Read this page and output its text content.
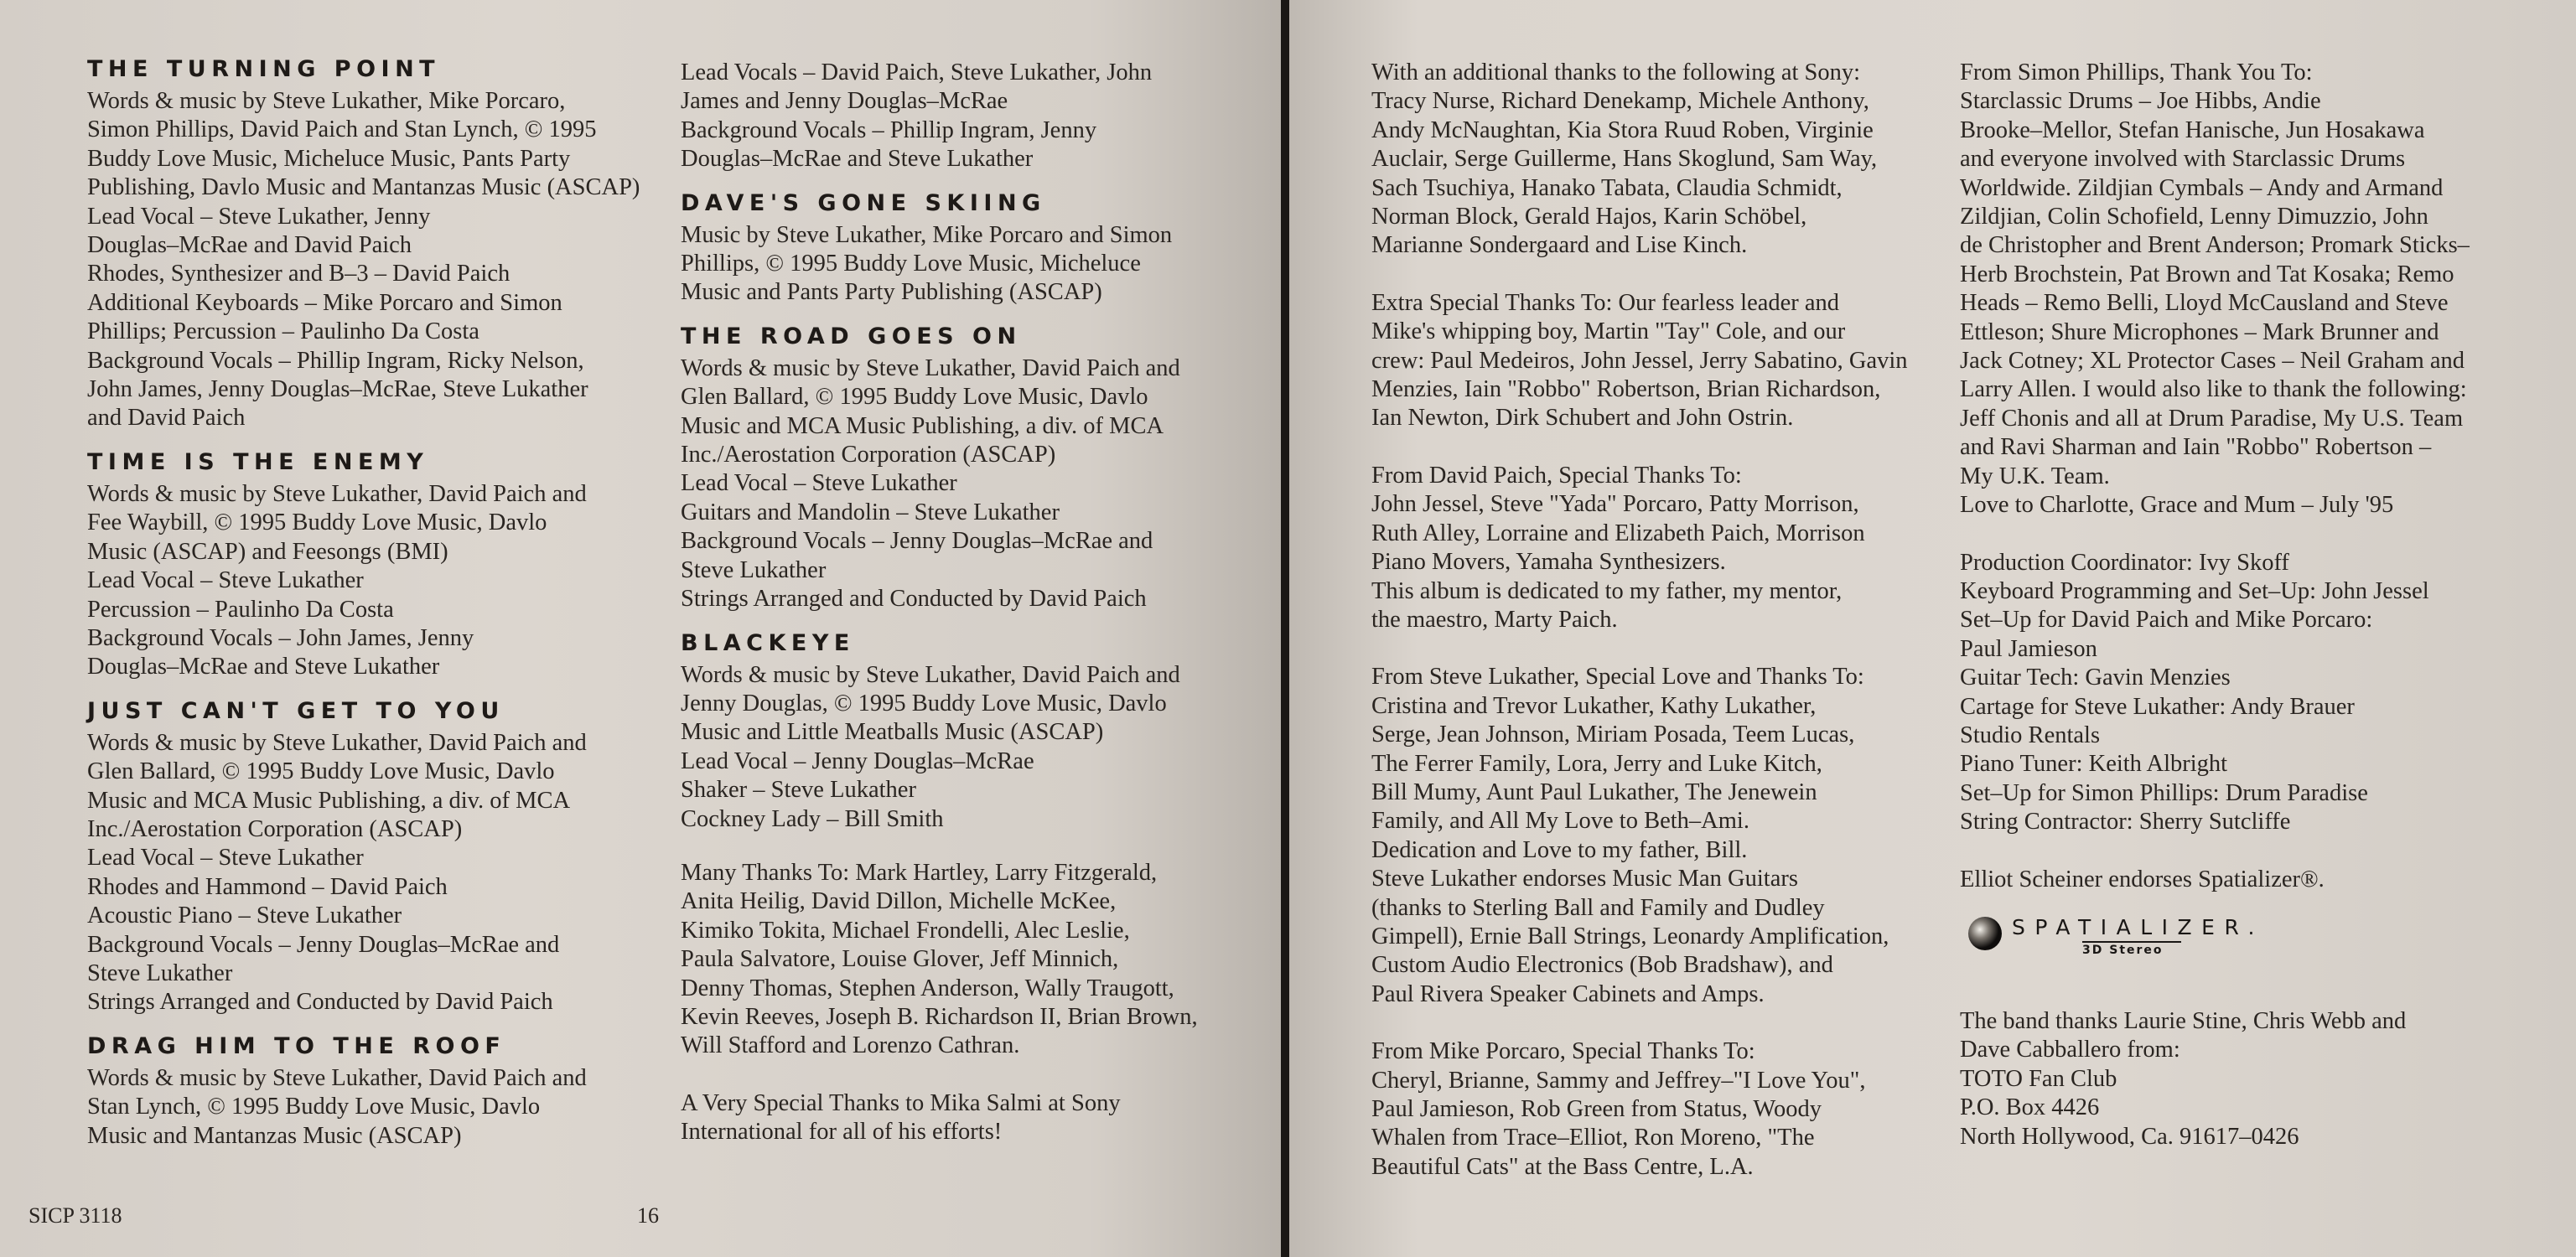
THE TURNING POINT
Words & music by Steve Lukather, Mike Porcaro,
Simon Phillips, David Paich and Stan Lynch, © 1995
Buddy Love Music, Micheluce Music, Pants Party
Publishing, Davlo Music and Mantanzas Music (ASCAP)
Lead Vocal – Steve Lukather, Jenny
Douglas–McRae and David Paich
Rhodes, Synthesizer and B–3 – David Paich
Additional Keyboards – Mike Porcaro and Simon
Phillips; Percussion – Paulinho Da Costa
Background Vocals – Phillip Ingram, Ricky Nelson,
John James, Jenny Douglas–McRae, Steve Lukather
and David Paich
TIME IS THE ENEMY
Words & music by Steve Lukather, David Paich and
Fee Waybill, © 1995 Buddy Love Music, Davlo
Music (ASCAP) and Feesongs (BMI)
Lead Vocal – Steve Lukather
Percussion – Paulinho Da Costa
Background Vocals – John James, Jenny
Douglas–McRae and Steve Lukather
JUST CAN'T GET TO YOU
Words & music by Steve Lukather, David Paich and
Glen Ballard, © 1995 Buddy Love Music, Davlo
Music and MCA Music Publishing, a div. of MCA
Inc./Aerostation Corporation (ASCAP)
Lead Vocal – Steve Lukather
Rhodes and Hammond – David Paich
Acoustic Piano – Steve Lukather
Background Vocals – Jenny Douglas–McRae and
Steve Lukather
Strings Arranged and Conducted by David Paich
DRAG HIM TO THE ROOF
Words & music by Steve Lukather, David Paich and
Stan Lynch, © 1995 Buddy Love Music, Davlo
Music and Mantanzas Music (ASCAP)
Lead Vocals – David Paich, Steve Lukather, John
James and Jenny Douglas–McRae
Background Vocals – Phillip Ingram, Jenny
Douglas–McRae and Steve Lukather
DAVE'S GONE SKIING
Music by Steve Lukather, Mike Porcaro and Simon
Phillips, © 1995 Buddy Love Music, Micheluce
Music and Pants Party Publishing (ASCAP)
THE ROAD GOES ON
Words & music by Steve Lukather, David Paich and
Glen Ballard, © 1995 Buddy Love Music, Davlo
Music and MCA Music Publishing, a div. of MCA
Inc./Aerostation Corporation (ASCAP)
Lead Vocal – Steve Lukather
Guitars and Mandolin – Steve Lukather
Background Vocals – Jenny Douglas–McRae and
Steve Lukather
Strings Arranged and Conducted by David Paich
BLACKEYE
Words & music by Steve Lukather, David Paich and
Jenny Douglas, © 1995 Buddy Love Music, Davlo
Music and Little Meatballs Music (ASCAP)
Lead Vocal – Jenny Douglas–McRae
Shaker – Steve Lukather
Cockney Lady – Bill Smith
Many Thanks To: Mark Hartley, Larry Fitzgerald,
Anita Heilig, David Dillon, Michelle McKee,
Kimiko Tokita, Michael Frondelli, Alec Leslie,
Paula Salvatore, Louise Glover, Jeff Minnich,
Denny Thomas, Stephen Anderson, Wally Traugott,
Kevin Reeves, Joseph B. Richardson II, Brian Brown,
Will Stafford and Lorenzo Cathran.
A Very Special Thanks to Mika Salmi at Sony
International for all of his efforts!
SICP 3118	16
With an additional thanks to the following at Sony:
Tracy Nurse, Richard Denekamp, Michele Anthony,
Andy McNaughtan, Kia Stora Ruud Roben, Virginie
Auclair, Serge Guillerme, Hans Skoglund, Sam Way,
Sach Tsuchiya, Hanako Tabata, Claudia Schmidt,
Norman Block, Gerald Hajos, Karin Schöbel,
Marianne Sondergaard and Lise Kinch.
Extra Special Thanks To: Our fearless leader and
Mike's whipping boy, Martin "Tay" Cole, and our
crew: Paul Medeiros, John Jessel, Jerry Sabatino, Gavin
Menzies, Iain "Robbo" Robertson, Brian Richardson,
Ian Newton, Dirk Schubert and John Ostrin.
From David Paich, Special Thanks To:
John Jessel, Steve "Yada" Porcaro, Patty Morrison,
Ruth Alley, Lorraine and Elizabeth Paich, Morrison
Piano Movers, Yamaha Synthesizers.
This album is dedicated to my father, my mentor,
the maestro, Marty Paich.
From Steve Lukather, Special Love and Thanks To:
Cristina and Trevor Lukather, Kathy Lukather,
Serge, Jean Johnson, Miriam Posada, Teem Lucas,
The Ferrer Family, Lora, Jerry and Luke Kitch,
Bill Mumy, Aunt Paul Lukather, The Jenewein
Family, and All My Love to Beth–Ami.
Dedication and Love to my father, Bill.
Steve Lukather endorses Music Man Guitars
(thanks to Sterling Ball and Family and Dudley
Gimpell), Ernie Ball Strings, Leonardy Amplification,
Custom Audio Electronics (Bob Bradshaw), and
Paul Rivera Speaker Cabinets and Amps.
From Mike Porcaro, Special Thanks To:
Cheryl, Brianne, Sammy and Jeffrey–"I Love You",
Paul Jamieson, Rob Green from Status, Woody
Whalen from Trace–Elliot, Ron Moreno, "The
Beautiful Cats" at the Bass Centre, L.A.
From Simon Phillips, Thank You To:
Starclassic Drums – Joe Hibbs, Andie
Brooke–Mellor, Stefan Hanische, Jun Hosakawa
and everyone involved with Starclassic Drums
Worldwide. Zildjian Cymbals – Andy and Armand
Zildjian, Colin Schofield, Lenny Dimuzzio, John
de Christopher and Brent Anderson; Promark Sticks–
Herb Brochstein, Pat Brown and Tat Kosaka; Remo
Heads – Remo Belli, Lloyd McCausland and Steve
Ettleson; Shure Microphones – Mark Brunner and
Jack Cotney; XL Protector Cases – Neil Graham and
Larry Allen. I would also like to thank the following:
Jeff Chonis and all at Drum Paradise, My U.S. Team
and Ravi Sharman and Iain "Robbo" Robertson –
My U.K. Team.
Love to Charlotte, Grace and Mum – July '95
Production Coordinator: Ivy Skoff
Keyboard Programming and Set–Up: John Jessel
Set–Up for David Paich and Mike Porcaro:
Paul Jamieson
Guitar Tech: Gavin Menzies
Cartage for Steve Lukather: Andy Brauer
Studio Rentals
Piano Tuner: Keith Albright
Set–Up for Simon Phillips: Drum Paradise
String Contractor: Sherry Sutcliffe
Elliot Scheiner endorses Spatializer®.
SPATIALIZER.
3D Stereo
The band thanks Laurie Stine, Chris Webb and
Dave Cabballero from:
TOTO Fan Club
P.O. Box 4426
North Hollywood, Ca. 91617–0426
